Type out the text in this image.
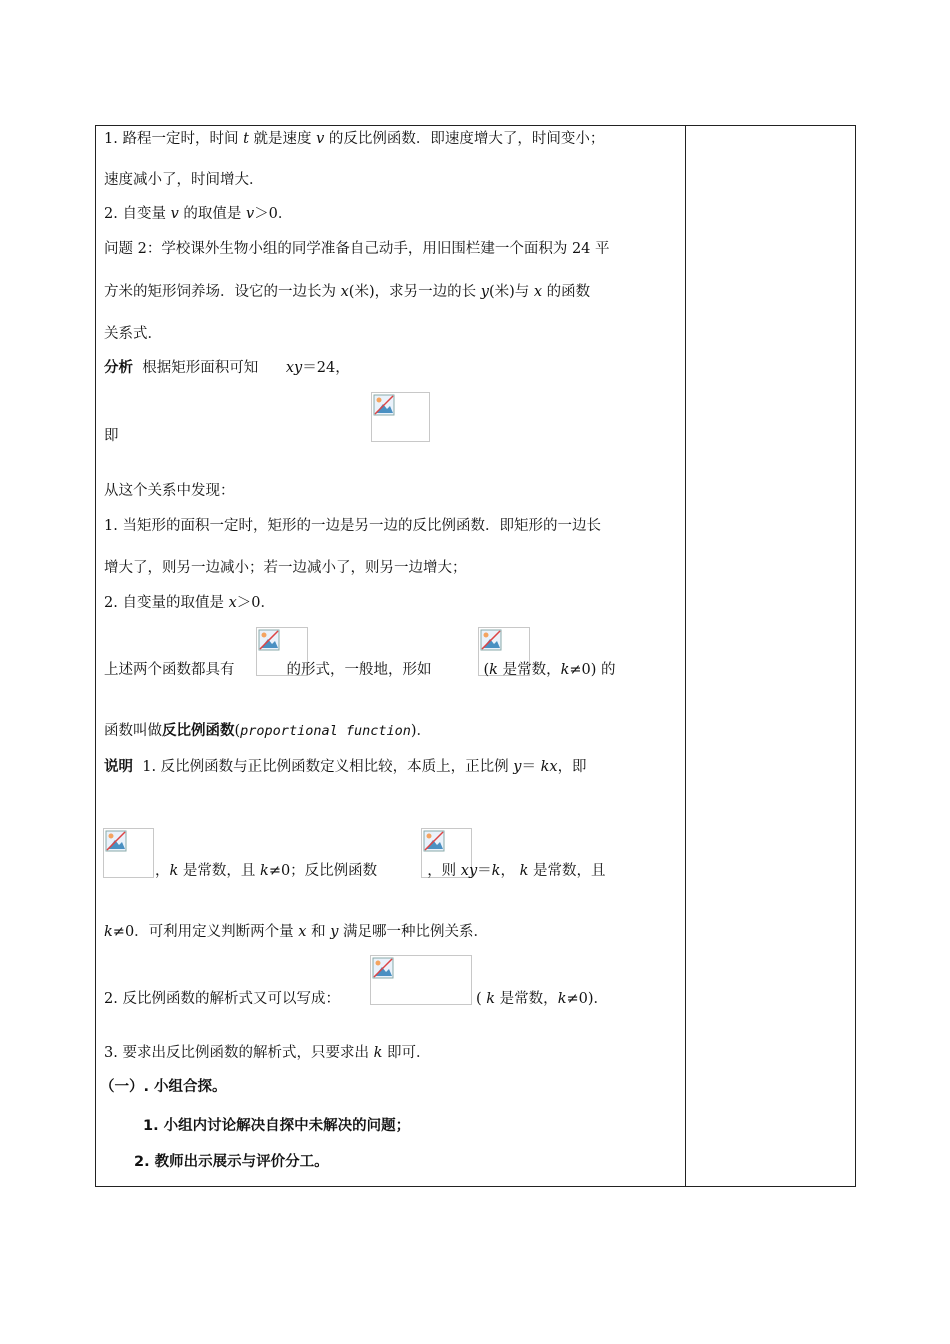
1. 路程一定时，时间 t 就是速度 v 的反比例函数．即速度增大了，时间变小；
速度减小了，时间增大．
2. 自变量 v 的取值是 v＞0．
问题 2：学校课外生物小组的同学准备自己动手，用旧围栏建一个面积为 24 平
方米的矩形饲养场．设它的一边长为 x(米)，求另一边的长 y(米)与 x 的函数
关系式．
分析  根据矩形面积可知      xy＝24，
即
从这个关系中发现：
1. 当矩形的面积一定时，矩形的一边是另一边的反比例函数．即矩形的一边长
增大了，则另一边减小；若一边减小了，则另一边增大；
2. 自变量的取值是 x＞0．
上述两个函数都具有	的形式，一般地，形如	(k 是常数，k≠0) 的
函数叫做反比例函数(proportional function)．
说明  1. 反比例函数与正比例函数定义相比较，本质上，正比例 y＝ kx，即
，k 是常数，且 k≠0；反比例函数	，则 xy＝k， k 是常数，且
k≠0．可利用定义判断两个量 x 和 y 满足哪一种比例关系．
2. 反比例函数的解析式又可以写成：	( k 是常数，k≠0)．
3. 要求出反比例函数的解析式，只要求出 k 即可．
（一）. 小组合探。
1. 小组内讨论解决自探中未解决的问题；
2. 教师出示展示与评价分工。
